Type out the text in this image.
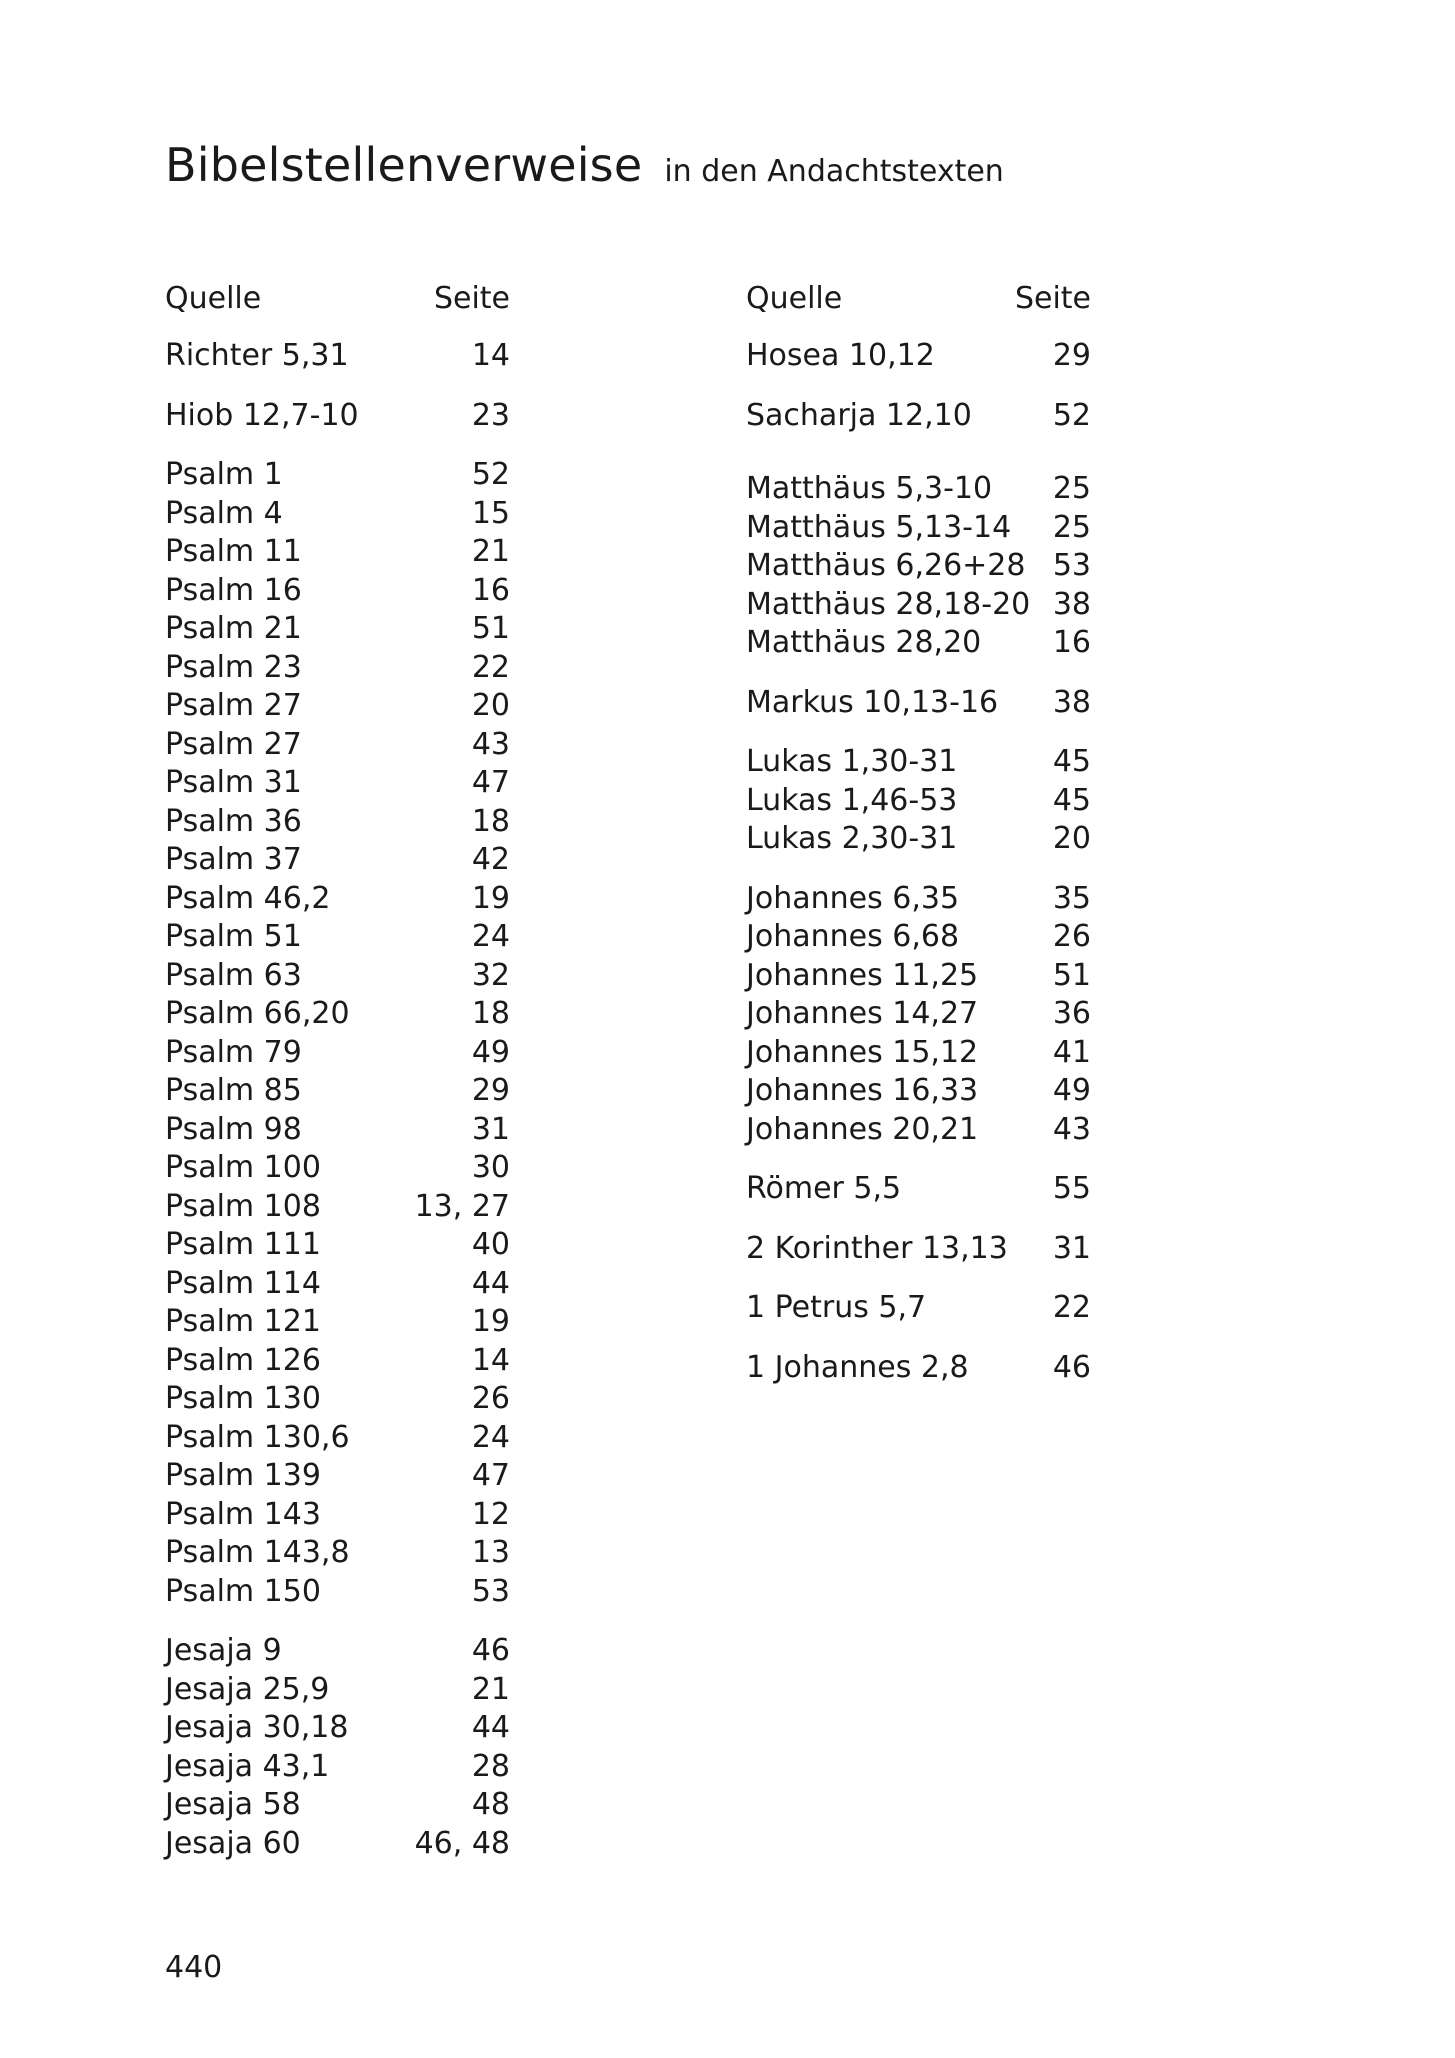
Bibelstellenverweise in den Andachtstexten
Quelle	Seite
Richter 5,31	14
Hiob 12,7-10	23
Psalm 1	52
Psalm 4	15
Psalm 11	21
Psalm 16	16
Psalm 21	51
Psalm 23	22
Psalm 27	20
Psalm 27	43
Psalm 31	47
Psalm 36	18
Psalm 37	42
Psalm 46,2	19
Psalm 51	24
Psalm 63	32
Psalm 66,20	18
Psalm 79	49
Psalm 85	29
Psalm 98	31
Psalm 100	30
Psalm 108	13, 27
Psalm 111	40
Psalm 114	44
Psalm 121	19
Psalm 126	14
Psalm 130	26
Psalm 130,6	24
Psalm 139	47
Psalm 143	12
Psalm 143,8	13
Psalm 150	53
Jesaja 9	46
Jesaja 25,9	21
Jesaja 30,18	44
Jesaja 43,1	28
Jesaja 58	48
Jesaja 60	46, 48
Quelle	Seite
Hosea 10,12	29
Sacharja 12,10	52
Matthäus 5,3-10 25
Matthäus 5,13-14 25
Matthäus 6,26+28 53
Matthäus 28,18-20 38
Matthäus 28,20 16
Markus 10,13-16 38
Lukas 1,30-31	45
Lukas 1,46-53	45
Lukas 2,30-31	20
Johannes 6,35	35
Johannes 6,68	26
Johannes 11,25 51
Johannes 14,27 36
Johannes 15,12 41
Johannes 16,33 49
Johannes 20,21 43
Römer 5,5	55
2 Korinther 13,13 31
1 Petrus 5,7	22
1 Johannes 2,8	46
440
